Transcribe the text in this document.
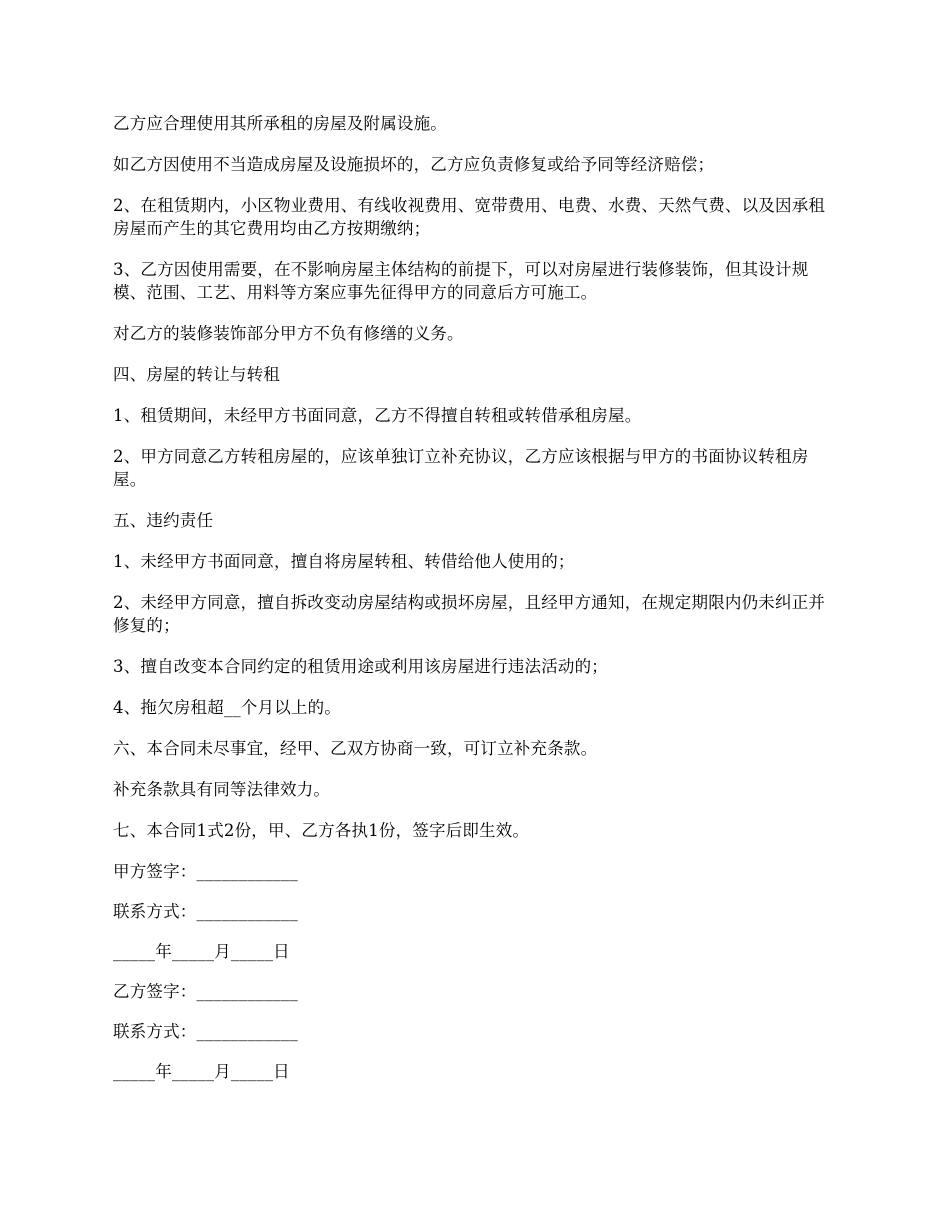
乙方应合理使用其所承租的房屋及附属设施。

如乙方因使用不当造成房屋及设施损坏的，乙方应负责修复或给予同等经济赔偿；

2、在租赁期内，小区物业费用、有线收视费用、宽带费用、电费、水费、天然气费、以及因承租房屋而产生的其它费用均由乙方按期缴纳；

3、乙方因使用需要，在不影响房屋主体结构的前提下，可以对房屋进行装修装饰，但其设计规模、范围、工艺、用料等方案应事先征得甲方的同意后方可施工。

对乙方的装修装饰部分甲方不负有修缮的义务。

四、房屋的转让与转租

1、租赁期间，未经甲方书面同意，乙方不得擅自转租或转借承租房屋。

2、甲方同意乙方转租房屋的，应该单独订立补充协议，乙方应该根据与甲方的书面协议转租房屋。

五、违约责任

1、未经甲方书面同意，擅自将房屋转租、转借给他人使用的；

2、未经甲方同意，擅自拆改变动房屋结构或损坏房屋，且经甲方通知，在规定期限内仍未纠正并修复的；

3、擅自改变本合同约定的租赁用途或利用该房屋进行违法活动的；

4、拖欠房租超__个月以上的。

六、本合同未尽事宜，经甲、乙双方协商一致，可订立补充条款。

补充条款具有同等法律效力。

七、本合同1式2份，甲、乙方各执1份，签字后即生效。

甲方签字：____________

联系方式：____________

_____年_____月_____日

乙方签字：____________

联系方式：____________

_____年_____月_____日
